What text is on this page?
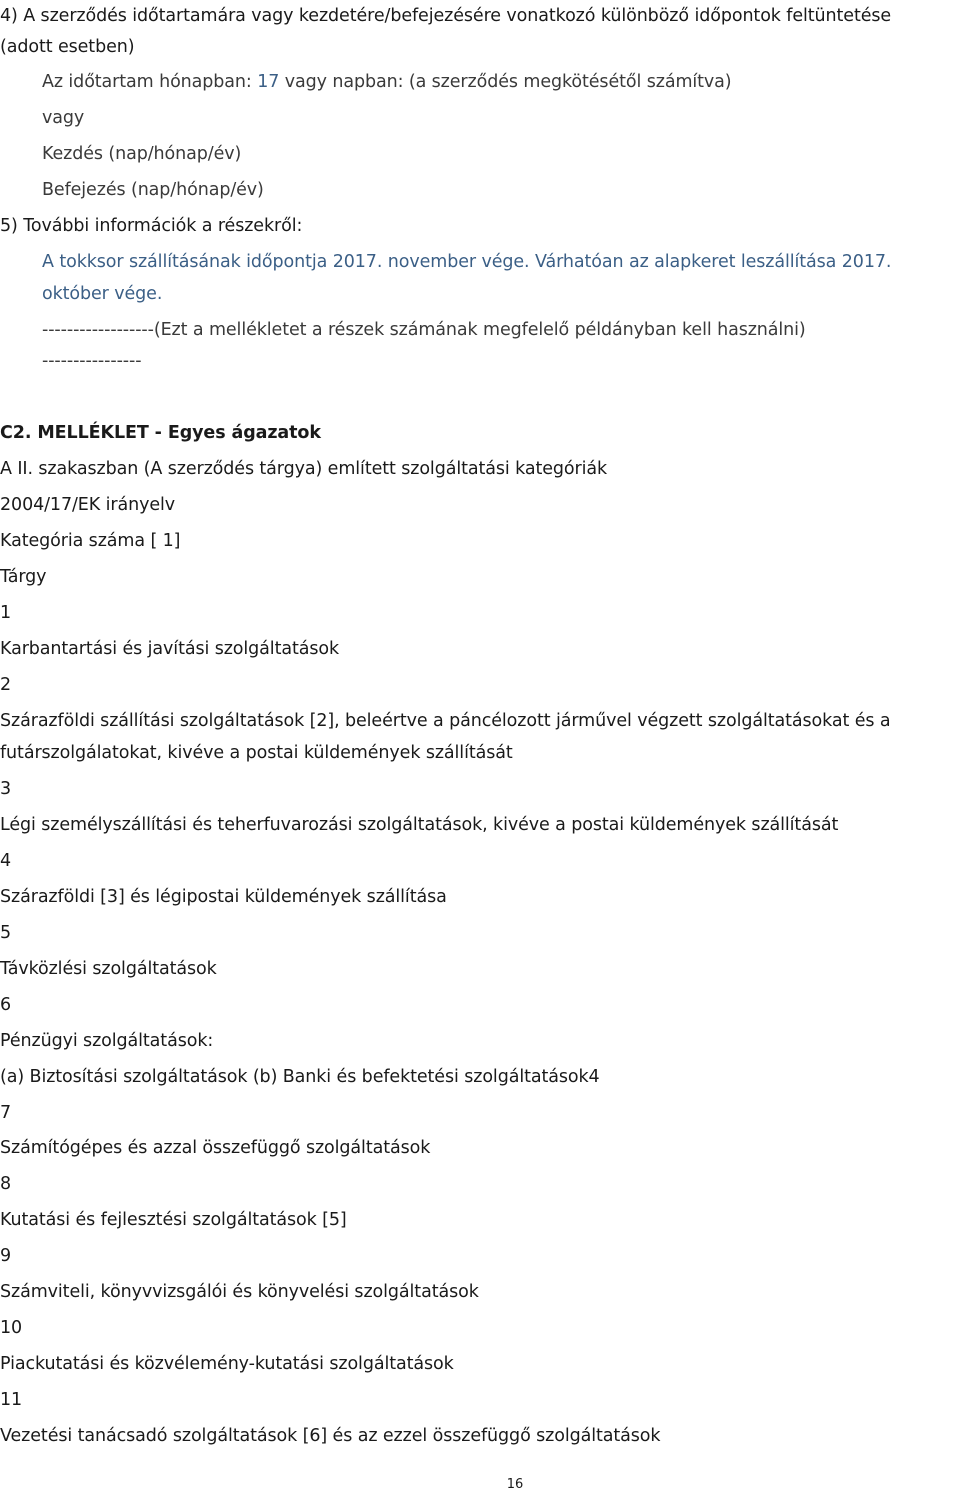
4) A szerződés időtartamára vagy kezdetére/befejezésére vonatkozó különböző időpontok feltüntetése
(adott esetben)
Az időtartam hónapban: 17 vagy napban: (a szerződés megkötésétől számítva)
vagy
Kezdés (nap/hónap/év)
Befejezés (nap/hónap/év)
5) További információk a részekről:
A tokksor szállításának időpontja 2017. november vége. Várhatóan az alapkeret leszállítása 2017.
október vége.
------------------(Ezt a mellékletet a részek számának megfelelő példányban kell használni)
----------------
C2. MELLÉKLET - Egyes ágazatok
A II. szakaszban (A szerződés tárgya) említett szolgáltatási kategóriák
2004/17/EK irányelv
Kategória száma [ 1]
Tárgy
1
Karbantartási és javítási szolgáltatások
2
Szárazföldi szállítási szolgáltatások [2], beleértve a páncélozott járművel végzett szolgáltatásokat és a
futárszolgálatokat, kivéve a postai küldemények szállítását
3
Légi személyszállítási és teherfuvarozási szolgáltatások, kivéve a postai küldemények szállítását
4
Szárazföldi [3] és légipostai küldemények szállítása
5
Távközlési szolgáltatások
6
Pénzügyi szolgáltatások:
(a) Biztosítási szolgáltatások (b) Banki és befektetési szolgáltatások4
7
Számítógépes és azzal összefüggő szolgáltatások
8
Kutatási és fejlesztési szolgáltatások [5]
9
Számviteli, könyvvizsgálói és könyvelési szolgáltatások
10
Piackutatási és közvélemény-kutatási szolgáltatások
11
Vezetési tanácsadó szolgáltatások [6] és az ezzel összefüggő szolgáltatások
16
